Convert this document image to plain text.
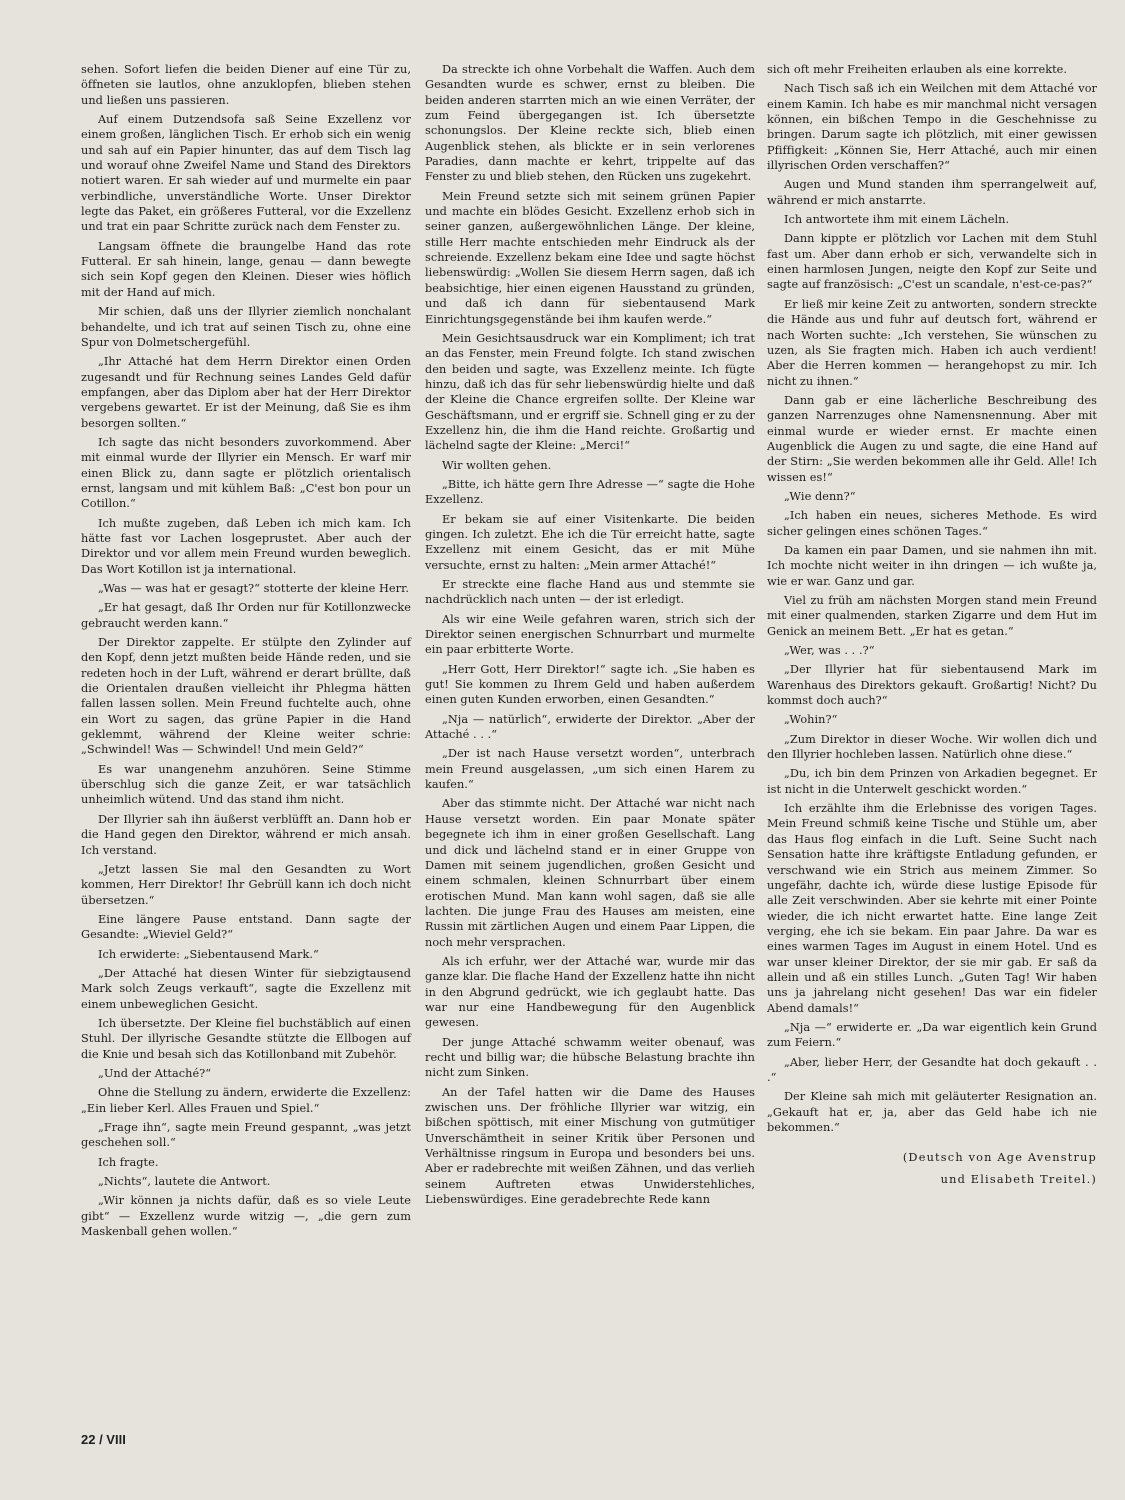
sehen. Sofort liefen die beiden Diener auf eine Tür zu, öffneten sie lautlos, ohne anzuklopfen, blieben stehen und ließen uns passieren.

Auf einem Dutzendsofa saß Seine Exzellenz vor einem großen, länglichen Tisch. Er erhob sich ein wenig und sah auf ein Papier hinunter, das auf dem Tisch lag und worauf ohne Zweifel Name und Stand des Direktors notiert waren. Er sah wieder auf und murmelte ein paar verbindliche, unverständliche Worte. Unser Direktor legte das Paket, ein größeres Futteral, vor die Exzellenz und trat ein paar Schritte zurück nach dem Fenster zu.

Langsam öffnete die braungelbe Hand das rote Futteral. Er sah hinein, lange, genau — dann bewegte sich sein Kopf gegen den Kleinen. Dieser wies höflich mit der Hand auf mich.

Mir schien, daß uns der Illyrier ziemlich nonchalant behandelte, und ich trat auf seinen Tisch zu, ohne eine Spur von Dolmetschergefühl.

„Ihr Attaché hat dem Herrn Direktor einen Orden zugesandt und für Rechnung seines Landes Geld dafür empfangen, aber das Diplom aber hat der Herr Direktor vergebens gewartet. Er ist der Meinung, daß Sie es ihm besorgen sollten.“

Ich sagte das nicht besonders zuvorkommend. Aber mit einmal wurde der Illyrier ein Mensch. Er warf mir einen Blick zu, dann sagte er plötzlich orientalisch ernst, langsam und mit kühlem Baß: „C'est bon pour un Cotillon.“

Ich mußte zugeben, daß Leben ich mich kam. Ich hätte fast vor Lachen losgeprustet. Aber auch der Direktor und vor allem mein Freund wurden beweglich. Das Wort Kotillon ist ja international.

„Was — was hat er gesagt?“ stotterte der kleine Herr.

„Er hat gesagt, daß Ihr Orden nur für Kotillonzwecke gebraucht werden kann.“

Der Direktor zappelte. Er stülpte den Zylinder auf den Kopf, denn jetzt mußten beide Hände reden, und sie redeten hoch in der Luft, während er derart brüllte, daß die Orientalen draußen vielleicht ihr Phlegma hätten fallen lassen sollen. Mein Freund fuchtelte auch, ohne ein Wort zu sagen, das grüne Papier in die Hand geklemmt, während der Kleine weiter schrie: „Schwindel! Was — Schwindel! Und mein Geld?“

Es war unangenehm anzuhören. Seine Stimme überschlug sich die ganze Zeit, er war tatsächlich unheimlich wütend. Und das stand ihm nicht.

Der Illyrier sah ihn äußerst verblüfft an. Dann hob er die Hand gegen den Direktor, während er mich ansah. Ich verstand.

„Jetzt lassen Sie mal den Gesandten zu Wort kommen, Herr Direktor! Ihr Gebrüll kann ich doch nicht übersetzen.“

Eine längere Pause entstand. Dann sagte der Gesandte: „Wieviel Geld?“

Ich erwiderte: „Siebentausend Mark.“

„Der Attaché hat diesen Winter für siebzigtausend Mark solch Zeugs verkauft“, sagte die Exzellenz mit einem unbeweglichen Gesicht.

Ich übersetzte. Der Kleine fiel buchstäblich auf einen Stuhl. Der illyrische Gesandte stützte die Ellbogen auf die Knie und besah sich das Kotillonband mit Zubehör.

„Und der Attaché?“

Ohne die Stellung zu ändern, erwiderte die Exzellenz: „Ein lieber Kerl. Alles Frauen und Spiel.“

„Frage ihn“, sagte mein Freund gespannt, „was jetzt geschehen soll.“

Ich fragte.

„Nichts“, lautete die Antwort.

„Wir können ja nichts dafür, daß es so viele Leute gibt“ — Exzellenz wurde witzig —, „die gern zum Maskenball gehen wollen.“

Da streckte ich ohne Vorbehalt die Waffen. Auch dem Gesandten wurde es schwer, ernst zu bleiben. Die beiden anderen starrten mich an wie einen Verräter, der zum Feind übergegangen ist. Ich übersetzte schonungslos. Der Kleine reckte sich, blieb einen Augenblick stehen, als blickte er in sein verlorenes Paradies, dann machte er kehrt, trippelte auf das Fenster zu und blieb stehen, den Rücken uns zugekehrt.

Mein Freund setzte sich mit seinem grünen Papier und machte ein blödes Gesicht. Exzellenz erhob sich in seiner ganzen, außergewöhnlichen Länge. Der kleine, stille Herr machte entschieden mehr Eindruck als der schreiende. Exzellenz bekam eine Idee und sagte höchst liebenswürdig: „Wollen Sie diesem Herrn sagen, daß ich beabsichtige, hier einen eigenen Hausstand zu gründen, und daß ich dann für siebentausend Mark Einrichtungsgegenstände bei ihm kaufen werde.“

Mein Gesichtsausdruck war ein Kompliment; ich trat an das Fenster, mein Freund folgte. Ich stand zwischen den beiden und sagte, was Exzellenz meinte. Ich fügte hinzu, daß ich das für sehr liebenswürdig hielte und daß der Kleine die Chance ergreifen sollte. Der Kleine war Geschäftsmann, und er ergriff sie. Schnell ging er zu der Exzellenz hin, die ihm die Hand reichte. Großartig und lächelnd sagte der Kleine: „Merci!“

Wir wollten gehen.

„Bitte, ich hätte gern Ihre Adresse —“ sagte die Hohe Exzellenz.

Er bekam sie auf einer Visitenkarte. Die beiden gingen. Ich zuletzt. Ehe ich die Tür erreicht hatte, sagte Exzellenz mit einem Gesicht, das er mit Mühe versuchte, ernst zu halten: „Mein armer Attaché!“

Er streckte eine flache Hand aus und stemmte sie nachdrücklich nach unten — der ist erledigt.

Als wir eine Weile gefahren waren, strich sich der Direktor seinen energischen Schnurrbart und murmelte ein paar erbitterte Worte.

„Herr Gott, Herr Direktor!“ sagte ich. „Sie haben es gut! Sie kommen zu Ihrem Geld und haben außerdem einen guten Kunden erworben, einen Gesandten.“

„Nja — natürlich“, erwiderte der Direktor. „Aber der Attaché . . .“

„Der ist nach Hause versetzt worden“, unterbrach mein Freund ausgelassen, „um sich einen Harem zu kaufen.“

Aber das stimmte nicht. Der Attaché war nicht nach Hause versetzt worden. Ein paar Monate später begegnete ich ihm in einer großen Gesellschaft. Lang und dick und lächelnd stand er in einer Gruppe von Damen mit seinem jugendlichen, großen Gesicht und einem schmalen, kleinen Schnurrbart über einem erotischen Mund. Man kann wohl sagen, daß sie alle lachten. Die junge Frau des Hauses am meisten, eine Russin mit zärtlichen Augen und einem Paar Lippen, die noch mehr versprachen.

Als ich erfuhr, wer der Attaché war, wurde mir das ganze klar. Die flache Hand der Exzellenz hatte ihn nicht in den Abgrund gedrückt, wie ich geglaubt hatte. Das war nur eine Handbewegung für den Augenblick gewesen.

Der junge Attaché schwamm weiter obenauf, was recht und billig war; die hübsche Belastung brachte ihn nicht zum Sinken.

An der Tafel hatten wir die Dame des Hauses zwischen uns. Der fröhliche Illyrier war witzig, ein bißchen spöttisch, mit einer Mischung von gutmütiger Unverschämtheit in seiner Kritik über Personen und Verhältnisse ringsum in Europa und besonders bei uns. Aber er radebrechte mit weißen Zähnen, und das verlieh seinem Auftreten etwas Unwiderstehliches, Liebenswürdiges. Eine geradebrechte Rede kann

sich oft mehr Freiheiten erlauben als eine korrekte.

Nach Tisch saß ich ein Weilchen mit dem Attaché vor einem Kamin. Ich habe es mir manchmal nicht versagen können, ein bißchen Tempo in die Geschehnisse zu bringen. Darum sagte ich plötzlich, mit einer gewissen Pfiffigkeit: „Können Sie, Herr Attaché, auch mir einen illyrischen Orden verschaffen?“

Augen und Mund standen ihm sperrangelweit auf, während er mich anstarrte.

Ich antwortete ihm mit einem Lächeln.

Dann kippte er plötzlich vor Lachen mit dem Stuhl fast um. Aber dann erhob er sich, verwandelte sich in einen harmlosen Jungen, neigte den Kopf zur Seite und sagte auf französisch: „C'est un scandale, n'est-ce-pas?“

Er ließ mir keine Zeit zu antworten, sondern streckte die Hände aus und fuhr auf deutsch fort, während er nach Worten suchte: „Ich verstehen, Sie wünschen zu uzen, als Sie fragten mich. Haben ich auch verdient! Aber die Herren kommen — herangehopst zu mir. Ich nicht zu ihnen.“

Dann gab er eine lächerliche Beschreibung des ganzen Narrenzuges ohne Namensnennung. Aber mit einmal wurde er wieder ernst. Er machte einen Augenblick die Augen zu und sagte, die eine Hand auf der Stirn: „Sie werden bekommen alle ihr Geld. Alle! Ich wissen es!“

„Wie denn?“

„Ich haben ein neues, sicheres Methode. Es wird sicher gelingen eines schönen Tages.“

Da kamen ein paar Damen, und sie nahmen ihn mit. Ich mochte nicht weiter in ihn dringen — ich wußte ja, wie er war. Ganz und gar.

Viel zu früh am nächsten Morgen stand mein Freund mit einer qualmenden, starken Zigarre und dem Hut im Genick an meinem Bett. „Er hat es getan.“

„Wer, was . . .?“

„Der Illyrier hat für siebentausend Mark im Warenhaus des Direktors gekauft. Großartig! Nicht? Du kommst doch auch?“

„Wohin?“

„Zum Direktor in dieser Woche. Wir wollen dich und den Illyrier hochleben lassen. Natürlich ohne diese.“

„Du, ich bin dem Prinzen von Arkadien begegnet. Er ist nicht in die Unterwelt geschickt worden.“

Ich erzählte ihm die Erlebnisse des vorigen Tages. Mein Freund schmiß keine Tische und Stühle um, aber das Haus flog einfach in die Luft. Seine Sucht nach Sensation hatte ihre kräftigste Entladung gefunden, er verschwand wie ein Strich aus meinem Zimmer. So ungefähr, dachte ich, würde diese lustige Episode für alle Zeit verschwinden. Aber sie kehrte mit einer Pointe wieder, die ich nicht erwartet hatte. Eine lange Zeit verging, ehe ich sie bekam. Ein paar Jahre. Da war es eines warmen Tages im August in einem Hotel. Und es war unser kleiner Direktor, der sie mir gab. Er saß da allein und aß ein stilles Lunch. „Guten Tag! Wir haben uns ja jahrelang nicht gesehen! Das war ein fideler Abend damals!“

„Nja —“ erwiderte er. „Da war eigentlich kein Grund zum Feiern.“

„Aber, lieber Herr, der Gesandte hat doch gekauft . . .“

Der Kleine sah mich mit geläuterter Resignation an. „Gekauft hat er, ja, aber das Geld habe ich nie bekommen.“

(Deutsch von Age Avenstrup
und Elisabeth Treitel.)
22 / VIII
